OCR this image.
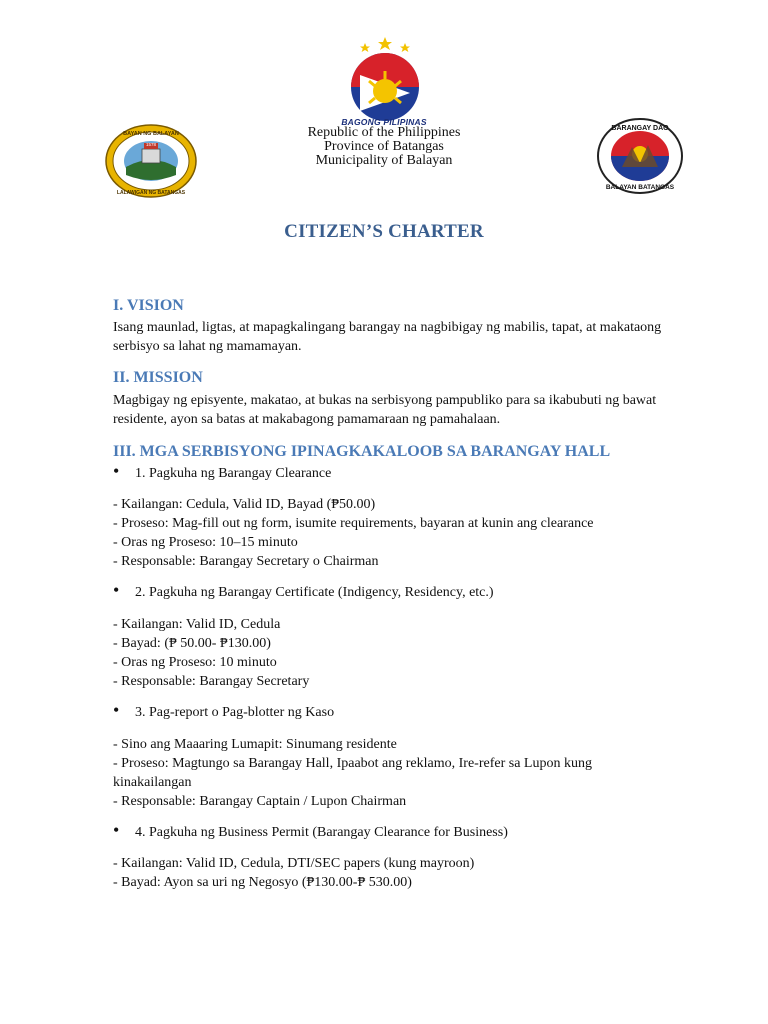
BAGONG PILIPINAS
BAYAN NG BALAYAN
LALAWIGAN NG BATANGAS
1578
BARANGAY DAO
BALAYAN BATANGAS
Republic of the Philippines
Province of Batangas
Municipality of Balayan
CITIZEN’S CHARTER
I. VISION
Isang maunlad, ligtas, at mapagkalingang barangay na nagbibigay ng mabilis, tapat, at makataong
serbisyo sa lahat ng mamamayan.
II. MISSION
Magbigay ng episyente, makatao, at bukas na serbisyong pampubliko para sa ikabubuti ng bawat
residente, ayon sa batas at makabagong pamamaraan ng pamahalaan.
III. MGA SERBISYONG IPINAGKAKALOOB SA BARANGAY HALL
• 1. Pagkuha ng Barangay Clearance
- Kailangan: Cedula, Valid ID, Bayad (₱50.00)
- Proseso: Mag-fill out ng form, isumite requirements, bayaran at kunin ang clearance
- Oras ng Proseso: 10–15 minuto
- Responsable: Barangay Secretary o Chairman
• 2. Pagkuha ng Barangay Certificate (Indigency, Residency, etc.)
- Kailangan: Valid ID, Cedula
- Bayad: (₱ 50.00- ₱130.00)
- Oras ng Proseso: 10 minuto
- Responsable: Barangay Secretary
• 3. Pag-report o Pag-blotter ng Kaso
- Sino ang Maaaring Lumapit: Sinumang residente
- Proseso: Magtungo sa Barangay Hall, Ipaabot ang reklamo, Ire-refer sa Lupon kung
kinakailangan
- Responsable: Barangay Captain / Lupon Chairman
• 4. Pagkuha ng Business Permit (Barangay Clearance for Business)
- Kailangan: Valid ID, Cedula, DTI/SEC papers (kung mayroon)
- Bayad: Ayon sa uri ng Negosyo (₱130.00-₱ 530.00)
